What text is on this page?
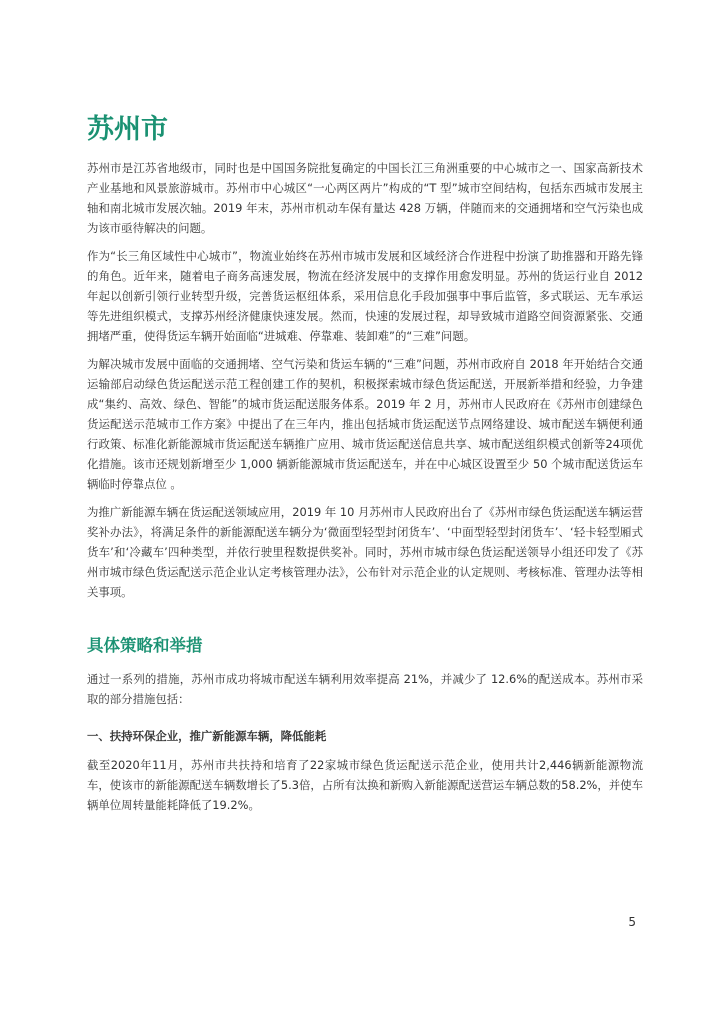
苏州市

苏州市是江苏省地级市，同时也是中国国务院批复确定的中国长江三角洲重要的中心城市之一、国家高新技术产业基地和风景旅游城市。苏州市中心城区“一心两区两片”构成的“T 型”城市空间结构，包括东西城市发展主轴和南北城市发展次轴。2019 年末，苏州市机动车保有量达 428 万辆，伴随而来的交通拥堵和空气污染也成为该市亟待解决的问题。

作为“长三角区域性中心城市”，物流业始终在苏州市城市发展和区域经济合作进程中扮演了助推器和开路先锋的角色。近年来，随着电子商务高速发展，物流在经济发展中的支撑作用愈发明显。苏州的货运行业自 2012 年起以创新引领行业转型升级，完善货运枢纽体系，采用信息化手段加强事中事后监管，多式联运、无车承运等先进组织模式，支撑苏州经济健康快速发展。然而，快速的发展过程，却导致城市道路空间资源紧张、交通拥堵严重，使得货运车辆开始面临“进城难、停靠难、装卸难”的“三难”问题。

为解决城市发展中面临的交通拥堵、空气污染和货运车辆的“三难”问题，苏州市政府自 2018 年开始结合交通运输部启动绿色货运配送示范工程创建工作的契机，积极探索城市绿色货运配送，开展新举措和经验，力争建成“集约、高效、绿色、智能”的城市货运配送服务体系。2019 年 2 月，苏州市人民政府在《苏州市创建绿色货运配送示范城市工作方案》中提出了在三年内，推出包括城市货运配送节点网络建设、城市配送车辆便利通行政策、标准化新能源城市货运配送车辆推广应用、城市货运配送信息共享、城市配送组织模式创新等24项优化措施。该市还规划新增至少 1,000 辆新能源城市货运配送车，并在中心城区设置至少 50 个城市配送货运车辆临时停靠点位 。

为推广新能源车辆在货运配送领域应用，2019 年 10 月苏州市人民政府出台了《苏州市绿色货运配送车辆运营奖补办法》，将满足条件的新能源配送车辆分为‘微面型轻型封闭货车’、‘中面型轻型封闭货车’、‘轻卡轻型厢式货车’和‘冷藏车’四种类型，并依行驶里程数提供奖补。同时，苏州市城市绿色货运配送领导小组还印发了《苏州市城市绿色货运配送示范企业认定考核管理办法》，公布针对示范企业的认定规则、考核标准、管理办法等相关事项。

具体策略和举措

通过一系列的措施，苏州市成功将城市配送车辆利用效率提高 21%，并减少了 12.6%的配送成本。苏州市采取的部分措施包括：

一、扶持环保企业，推广新能源车辆，降低能耗

截至2020年11月，苏州市共扶持和培育了22家城市绿色货运配送示范企业，使用共计2,446辆新能源物流车，使该市的新能源配送车辆数增长了5.3倍，占所有汰换和新购入新能源配送营运车辆总数的58.2%，并使车辆单位周转量能耗降低了19.2%。

5
